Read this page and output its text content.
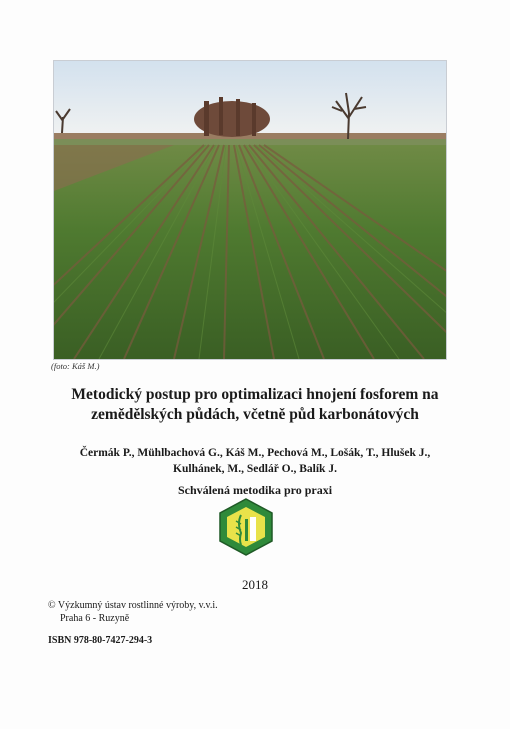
(foto: Káš M.)
Metodický postup pro optimalizaci hnojení fosforem na
zemědělských půdách, včetně půd karbonátových
Čermák P., Mühlbachová G., Káš M., Pechová M., Lošák, T., Hlušek J.,
Kulhánek, M., Sedlář O., Balík J.
Schválená metodika pro praxi
2018
© Výzkumný ústav rostlinné výroby, v.v.i.
Praha 6 - Ruzyně
ISBN 978-80-7427-294-3
